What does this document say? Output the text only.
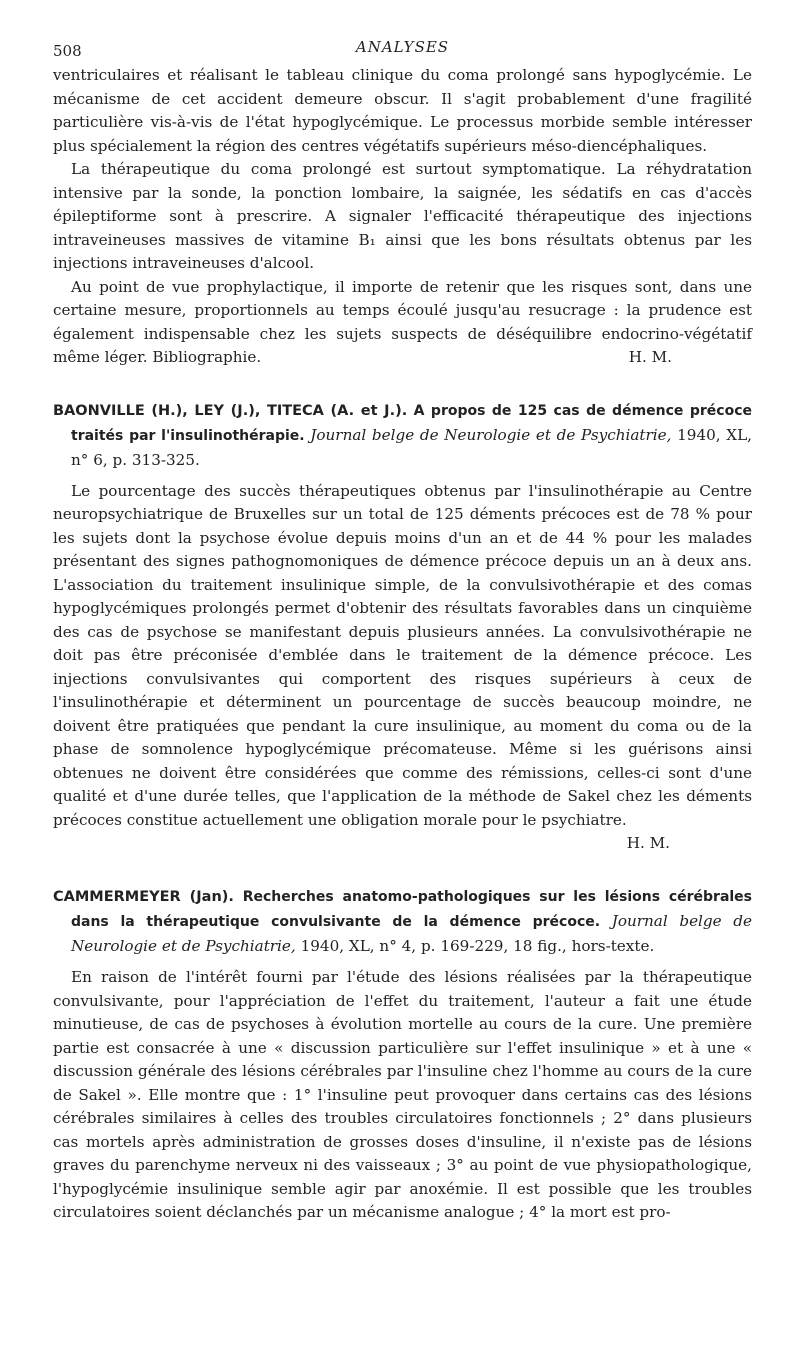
508	ANALYSES

ventriculaires et réalisant le tableau clinique du coma prolongé sans hypoglycémie. Le mécanisme de cet accident demeure obscur. Il s'agit probablement d'une fragilité particulière vis-à-vis de l'état hypoglycémique. Le processus morbide semble intéresser plus spécialement la région des centres végétatifs supérieurs méso-diencéphaliques.

La thérapeutique du coma prolongé est surtout symptomatique. La réhydratation intensive par la sonde, la ponction lombaire, la saignée, les sédatifs en cas d'accès épileptiforme sont à prescrire. A signaler l'efficacité thérapeutique des injections intraveineuses massives de vitamine B₁ ainsi que les bons résultats obtenus par les injections intraveineuses d'alcool.

Au point de vue prophylactique, il importe de retenir que les risques sont, dans une certaine mesure, proportionnels au temps écoulé jusqu'au resucrage : la prudence est également indispensable chez les sujets suspects de déséquilibre endocrino-végétatif même léger. Bibliographie.	H. M.

BAONVILLE (H.), LEY (J.), TITECA (A. et J.). A propos de 125 cas de démence précoce traités par l'insulinothérapie. Journal belge de Neurologie et de Psychiatrie, 1940, XL, n° 6, p. 313-325.

Le pourcentage des succès thérapeutiques obtenus par l'insulinothérapie au Centre neuropsychiatrique de Bruxelles sur un total de 125 déments précoces est de 78 % pour les sujets dont la psychose évolue depuis moins d'un an et de 44 % pour les malades présentant des signes pathognomoniques de démence précoce depuis un an à deux ans. L'association du traitement insulinique simple, de la convulsivothérapie et des comas hypoglycémiques prolongés permet d'obtenir des résultats favorables dans un cinquième des cas de psychose se manifestant depuis plusieurs années. La convulsivothérapie ne doit pas être préconisée d'emblée dans le traitement de la démence précoce. Les injections convulsivantes qui comportent des risques supérieurs à ceux de l'insulinothérapie et déterminent un pourcentage de succès beaucoup moindre, ne doivent être pratiquées que pendant la cure insulinique, au moment du coma ou de la phase de somnolence hypoglycémique précomateuse. Même si les guérisons ainsi obtenues ne doivent être considérées que comme des rémissions, celles-ci sont d'une qualité et d'une durée telles, que l'application de la méthode de Sakel chez les déments précoces constitue actuellement une obligation morale pour le psychiatre.

H. M.
CAMMERMEYER (Jan). Recherches anatomo-pathologiques sur les lésions cérébrales dans la thérapeutique convulsivante de la démence précoce. Journal belge de Neurologie et de Psychiatrie, 1940, XL, n° 4, p. 169-229, 18 fig., hors-texte.

En raison de l'intérêt fourni par l'étude des lésions réalisées par la thérapeutique convulsivante, pour l'appréciation de l'effet du traitement, l'auteur a fait une étude minutieuse, de cas de psychoses à évolution mortelle au cours de la cure. Une première partie est consacrée à une « discussion particulière sur l'effet insulinique » et à une « discussion générale des lésions cérébrales par l'insuline chez l'homme au cours de la cure de Sakel ». Elle montre que : 1° l'insuline peut provoquer dans certains cas des lésions cérébrales similaires à celles des troubles circulatoires fonctionnels ; 2° dans plusieurs cas mortels après administration de grosses doses d'insuline, il n'existe pas de lésions graves du parenchyme nerveux ni des vaisseaux ; 3° au point de vue physiopathologique, l'hypoglycémie insulinique semble agir par anoxémie. Il est possible que les troubles circulatoires soient déclanchés par un mécanisme analogue ; 4° la mort est pro-
